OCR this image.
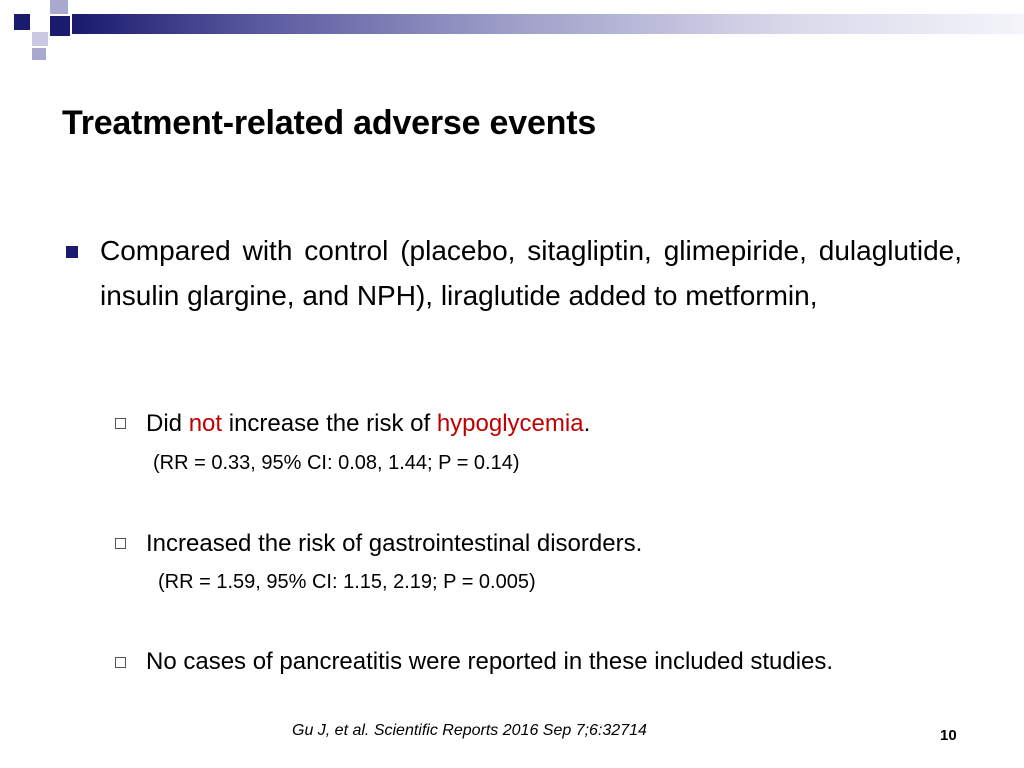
Treatment-related adverse events
Compared with control (placebo, sitagliptin, glimepiride, dulaglutide, insulin glargine, and NPH), liraglutide added to metformin,
Did not increase the risk of hypoglycemia.
(RR = 0.33, 95% CI: 0.08, 1.44; P = 0.14)
Increased the risk of gastrointestinal disorders.
(RR = 1.59, 95% CI: 1.15, 2.19; P = 0.005)
No cases of pancreatitis were reported in these included studies.
Gu J, et al. Scientific Reports 2016 Sep 7;6:32714	10
